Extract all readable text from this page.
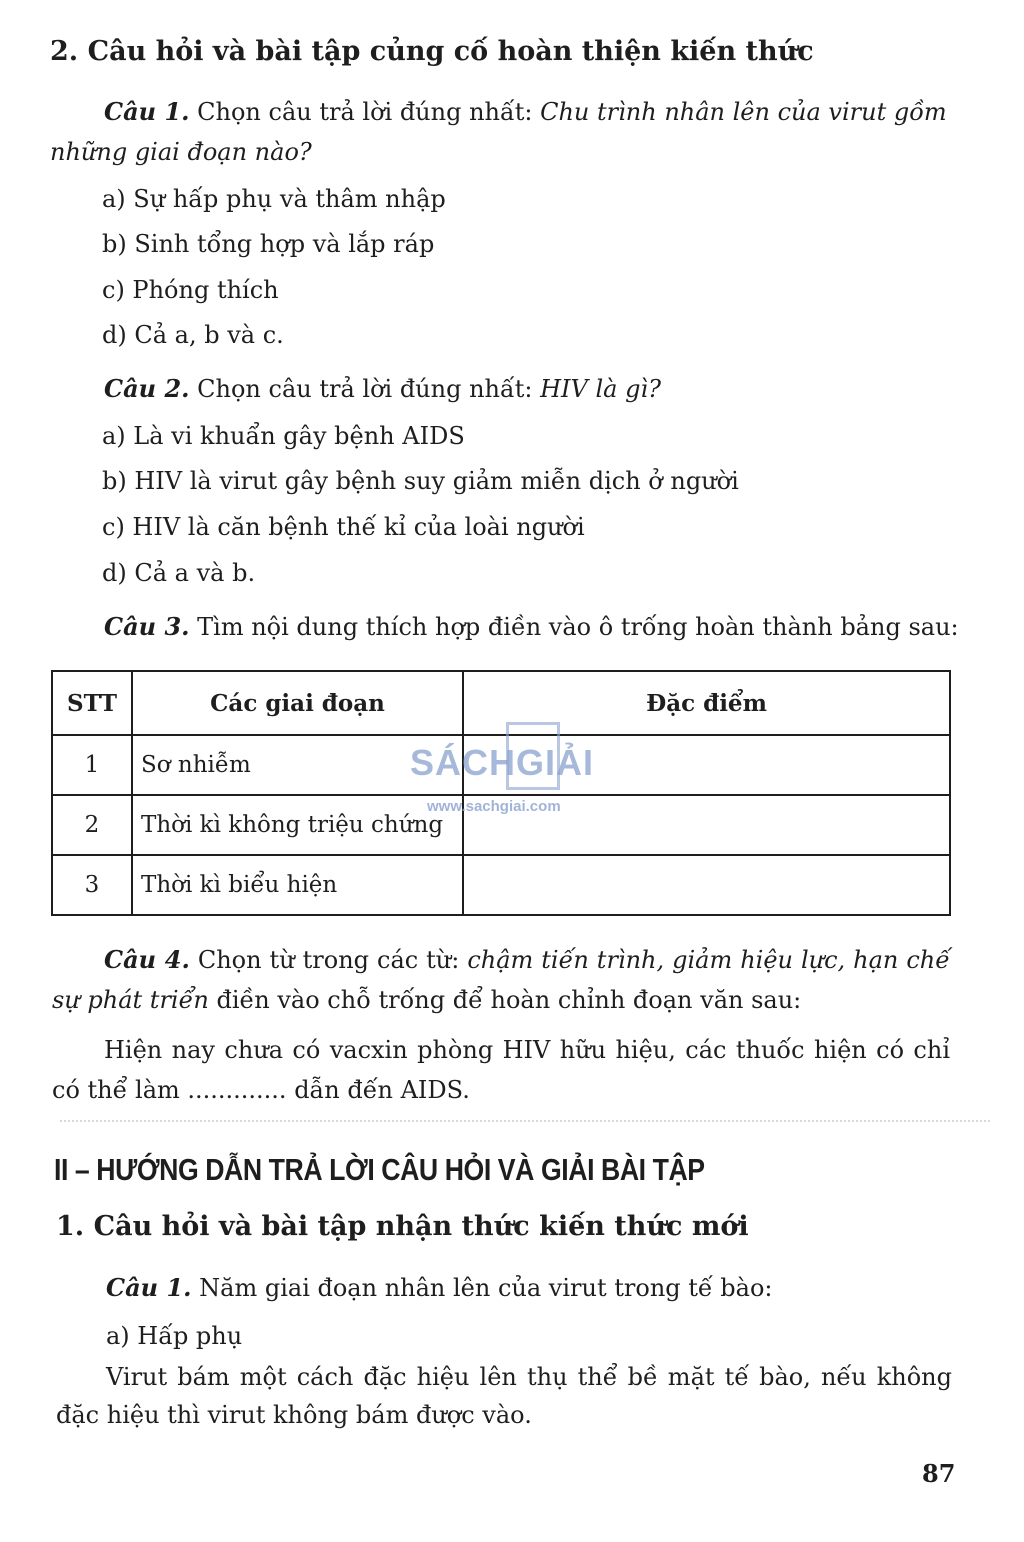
2. Câu hỏi và bài tập củng cố hoàn thiện kiến thức
Câu 1. Chọn câu trả lời đúng nhất: Chu trình nhân lên của virut gồm
những giai đoạn nào?
a) Sự hấp phụ và thâm nhập
b) Sinh tổng hợp và lắp ráp
c) Phóng thích
d) Cả a, b và c.
Câu 2. Chọn câu trả lời đúng nhất: HIV là gì?
a) Là vi khuẩn gây bệnh AIDS
b) HIV là virut gây bệnh suy giảm miễn dịch ở người
c) HIV là căn bệnh thế kỉ của loài người
d) Cả a và b.
Câu 3. Tìm nội dung thích hợp điền vào ô trống hoàn thành bảng sau:
STT	Các giai đoạn	Đặc điểm
1	Sơ nhiễm	
2	Thời kì không triệu chứng	
3	Thời kì biểu hiện	
SÁCHGIẢI
www.sachgiai.com
Câu 4. Chọn từ trong các từ: chậm tiến trình, giảm hiệu lực, hạn chế
sự phát triển điền vào chỗ trống để hoàn chỉnh đoạn văn sau:
Hiện nay chưa có vacxin phòng HIV hữu hiệu, các thuốc hiện có chỉ
có thể làm ............. dẫn đến AIDS.
II – HƯỚNG DẪN TRẢ LỜI CÂU HỎI VÀ GIẢI BÀI TẬP
1. Câu hỏi và bài tập nhận thức kiến thức mới
Câu 1. Năm giai đoạn nhân lên của virut trong tế bào:
a) Hấp phụ
Virut bám một cách đặc hiệu lên thụ thể bề mặt tế bào, nếu không
đặc hiệu thì virut không bám được vào.
87
